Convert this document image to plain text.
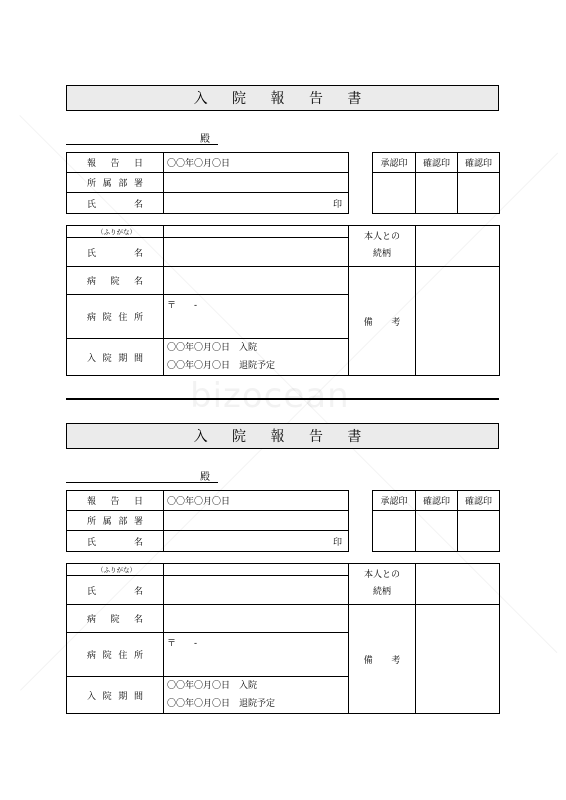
入 院 報 告 書
殿
報 告 日	〇〇年〇月〇日
所属部署	
氏 名	印
承認印	確認印	確認印

（ふりがな）		本人との
続柄	
氏 名			
病 院 名		備 考	
病院住所	〒　　-		
入院期間	〇〇年〇月〇日　入院
〇〇年〇月〇日　退院予定		
bizocean
入 院 報 告 書
殿
報 告 日	〇〇年〇月〇日
所属部署	
氏 名	印
承認印	確認印	確認印

（ふりがな）		本人との
続柄	
氏 名			
病 院 名		備 考	
病院住所	〒　　-		
入院期間	〇〇年〇月〇日　入院
〇〇年〇月〇日　退院予定		
